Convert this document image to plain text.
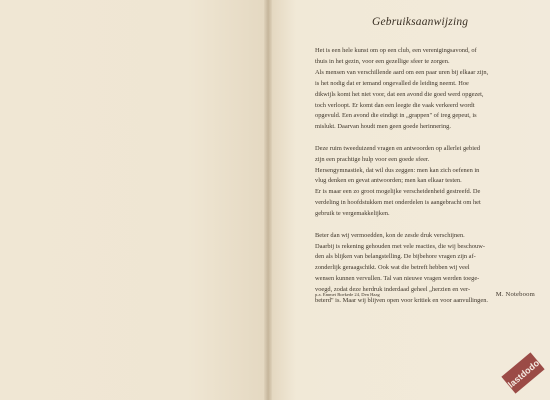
Gebruiksaanwijzing

Het is een hele kunst om op een club, een verenigingsavond, of
thuis in het gezin, voor een gezellige sfeer te zorgen.
Als mensen van verschillende aard om een paar uren bij elkaar zijn,
is het nodig dat er iemand ongevalled de leiding neemt. Hoe
dikwijls komt het niet voor, dat een avond die goed werd opgezet,
toch verloopt. Er komt dan een leegte die vaak verkeerd wordt
opgevuld. Een avond die eindigt in „grappen" of ireg gepeut, is
mislukt. Daarvan houdt men geen goede herinnering.

Deze ruim tweeduizend vragen en antwoorden op allerlei gebied
zijn een prachtige hulp voor een goede sfeer.
Hersengymnastiek, dat wil dus zeggen: men kan zich oefenen in
vlug denken en gevat antwoorden; men kan elkaar testen.
Er is maar een zo groot mogelijke verscheidenheid gestreefd. De
verdeling in hoofdstukken met onderdelen is aangebracht om het
gebruik te vergemakkelijken.

Beter dan wij vermoedden, kon de zesde druk verschijnen.
Daarbij is rekening gehouden met vele reacties, die wij beschouw-
den als blijken van belangstelling. De bijbehore vragen zijn af-
zonderlijk geraagschikt. Ook wat die betreft hebben wij veel
wensen kunnen vervullen. Tal van nieuwe vragen werden toege-
voegd, zodat deze herdruk inderdaad geheel „herzien en ver-
beterd" is. Maar wij blijven open voor kritiek en voor aanvullingen.

p.a. Emmet Boekede 24, Den Haag	M. Noteboom
lastdodo
